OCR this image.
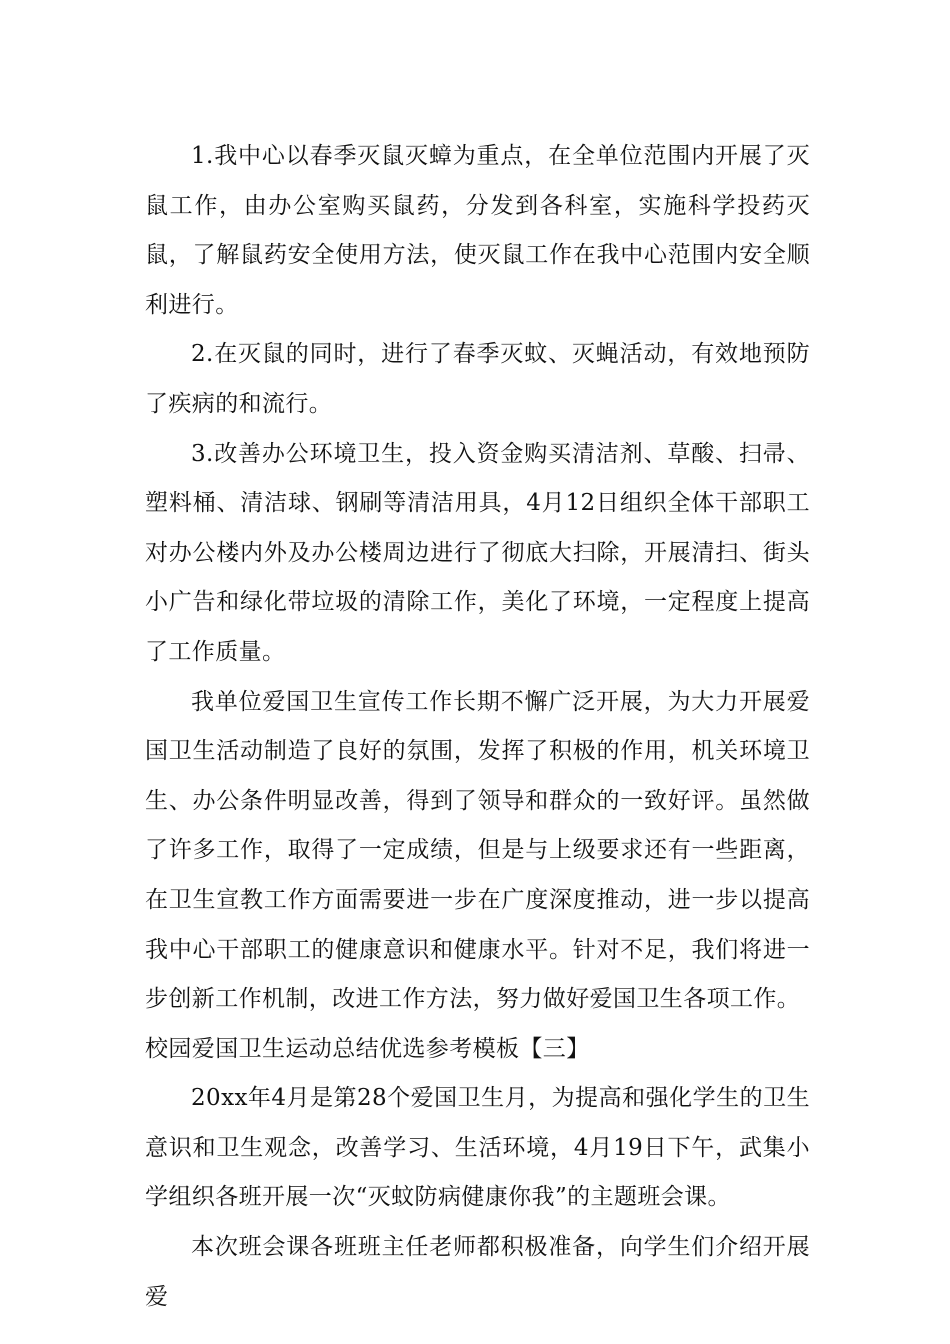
1.我中心以春季灭鼠灭蟑为重点，在全单位范围内开展了灭鼠工作，由办公室购买鼠药，分发到各科室，实施科学投药灭鼠，了解鼠药安全使用方法，使灭鼠工作在我中心范围内安全顺利进行。

2.在灭鼠的同时，进行了春季灭蚊、灭蝇活动，有效地预防了疾病的和流行。

3.改善办公环境卫生，投入资金购买清洁剂、草酸、扫帚、塑料桶、清洁球、钢刷等清洁用具，4月12日组织全体干部职工对办公楼内外及办公楼周边进行了彻底大扫除，开展清扫、街头小广告和绿化带垃圾的清除工作，美化了环境，一定程度上提高了工作质量。

我单位爱国卫生宣传工作长期不懈广泛开展，为大力开展爱国卫生活动制造了良好的氛围，发挥了积极的作用，机关环境卫生、办公条件明显改善，得到了领导和群众的一致好评。虽然做了许多工作，取得了一定成绩，但是与上级要求还有一些距离，在卫生宣教工作方面需要进一步在广度深度推动，进一步以提高我中心干部职工的健康意识和健康水平。针对不足，我们将进一步创新工作机制，改进工作方法，努力做好爱国卫生各项工作。

校园爱国卫生运动总结优选参考模板【三】

20xx年4月是第28个爱国卫生月，为提高和强化学生的卫生意识和卫生观念，改善学习、生活环境，4月19日下午，武集小学组织各班开展一次“灭蚊防病健康你我”的主题班会课。

本次班会课各班班主任老师都积极准备，向学生们介绍开展爱
